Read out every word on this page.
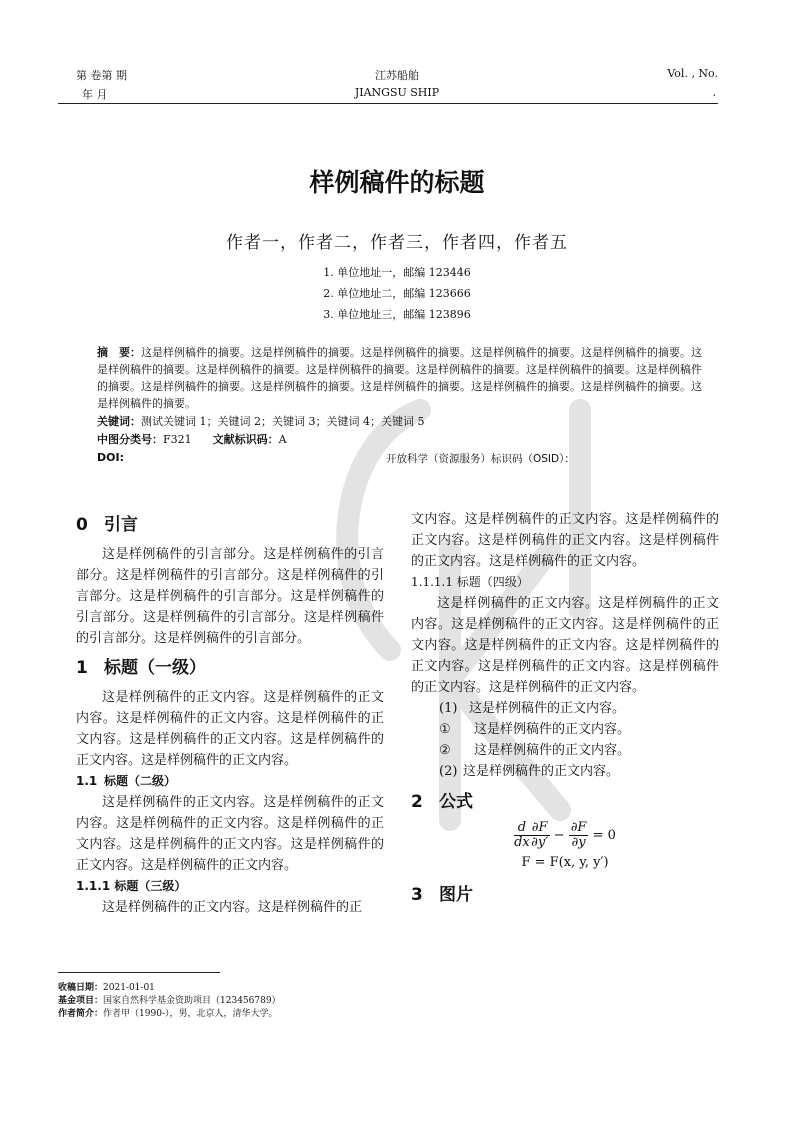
第 卷第 期
年 月
江苏船舶
JIANGSU SHIP
Vol. , No.
.
样例稿件的标题
作者一，作者二，作者三，作者四，作者五
1. 单位地址一，邮编 123446
2. 单位地址二，邮编 123666
3. 单位地址三，邮编 123896
摘　要：这是样例稿件的摘要。这是样例稿件的摘要。这是样例稿件的摘要。这是样例稿件的摘要。这是样例稿件的摘要。这是样例稿件的摘要。这是样例稿件的摘要。这是样例稿件的摘要。这是样例稿件的摘要。这是样例稿件的摘要。这是样例稿件的摘要。这是样例稿件的摘要。这是样例稿件的摘要。这是样例稿件的摘要。这是样例稿件的摘要。这是样例稿件的摘要。这是样例稿件的摘要。
关键词：测试关键词 1；关键词 2；关键词 3；关键词 4；关键词 5
中图分类号：F321 文献标识码：A
DOI:	开放科学（资源服务）标识码（OSID）：
0 引言
这是样例稿件的引言部分。这是样例稿件的引言部分。这是样例稿件的引言部分。这是样例稿件的引言部分。这是样例稿件的引言部分。这是样例稿件的引言部分。这是样例稿件的引言部分。这是样例稿件的引言部分。这是样例稿件的引言部分。
1 标题（一级）
这是样例稿件的正文内容。这是样例稿件的正文内容。这是样例稿件的正文内容。这是样例稿件的正文内容。这是样例稿件的正文内容。这是样例稿件的正文内容。这是样例稿件的正文内容。
1.1 标题（二级）
这是样例稿件的正文内容。这是样例稿件的正文内容。这是样例稿件的正文内容。这是样例稿件的正文内容。这是样例稿件的正文内容。这是样例稿件的正文内容。这是样例稿件的正文内容。
1.1.1 标题（三级）
这是样例稿件的正文内容。这是样例稿件的正
文内容。这是样例稿件的正文内容。这是样例稿件的正文内容。这是样例稿件的正文内容。这是样例稿件的正文内容。这是样例稿件的正文内容。
1.1.1.1 标题（四级）
这是样例稿件的正文内容。这是样例稿件的正文内容。这是样例稿件的正文内容。这是样例稿件的正文内容。这是样例稿件的正文内容。这是样例稿件的正文内容。这是样例稿件的正文内容。这是样例稿件的正文内容。这是样例稿件的正文内容。
(1) 这是样例稿件的正文内容。
① 这是样例稿件的正文内容。
② 这是样例稿件的正文内容。
(2) 这是样例稿件的正文内容。
2 公式
$\frac{d}{dx} \frac{\partial F}{\partial y'} - \frac{\partial F}{\partial y} = 0$
F = F(x, y, y′)
3 图片
收稿日期：2021-01-01
基金项目：国家自然科学基金资助项目（123456789）
作者简介：作者甲（1990-），男，北京人，清华大学。
